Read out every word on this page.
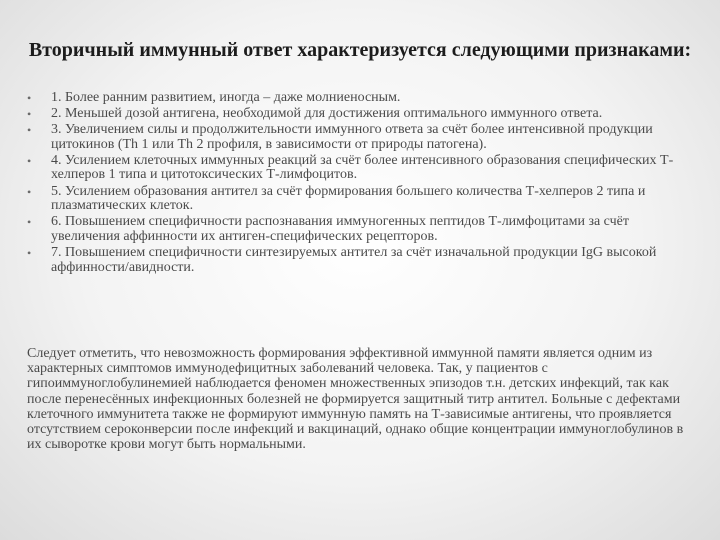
Вторичный иммунный ответ характеризуется следующими признаками:
• 1. Более ранним развитием, иногда – даже молниеносным.
• 2. Меньшей дозой антигена, необходимой для достижения оптимального иммунного ответа.
• 3. Увеличением силы и продолжительности иммунного ответа за счёт более интенсивной продукции цитокинов (Th 1 или Th 2 профиля, в зависимости от природы патогена).
• 4. Усилением клеточных иммунных реакций за счёт более интенсивного образования специфических Т-хелперов 1 типа и цитотоксических Т-лимфоцитов.
• 5. Усилением образования антител за счёт формирования большего количества Т-хелперов 2 типа и плазматических клеток.
• 6. Повышением специфичности распознавания иммуногенных пептидов Т-лимфоцитами за счёт увеличения аффинности их антиген-специфических рецепторов.
• 7. Повышением специфичности синтезируемых антител за счёт изначальной продукции IgG высокой аффинности/авидности.

Следует отметить, что невозможность формирования эффективной иммунной памяти является одним из характерных симптомов иммунодефицитных заболеваний человека. Так, у пациентов с гипоиммуноглобулинемией наблюдается феномен множественных эпизодов т.н. детских инфекций, так как после перенесённых инфекционных болезней не формируется защитный титр антител. Больные с дефектами клеточного иммунитета также не формируют иммунную память на Т-зависимые антигены, что проявляется отсутствием сероконверсии после инфекций и вакцинаций, однако общие концентрации иммуноглобулинов в их сыворотке крови могут быть нормальными.
